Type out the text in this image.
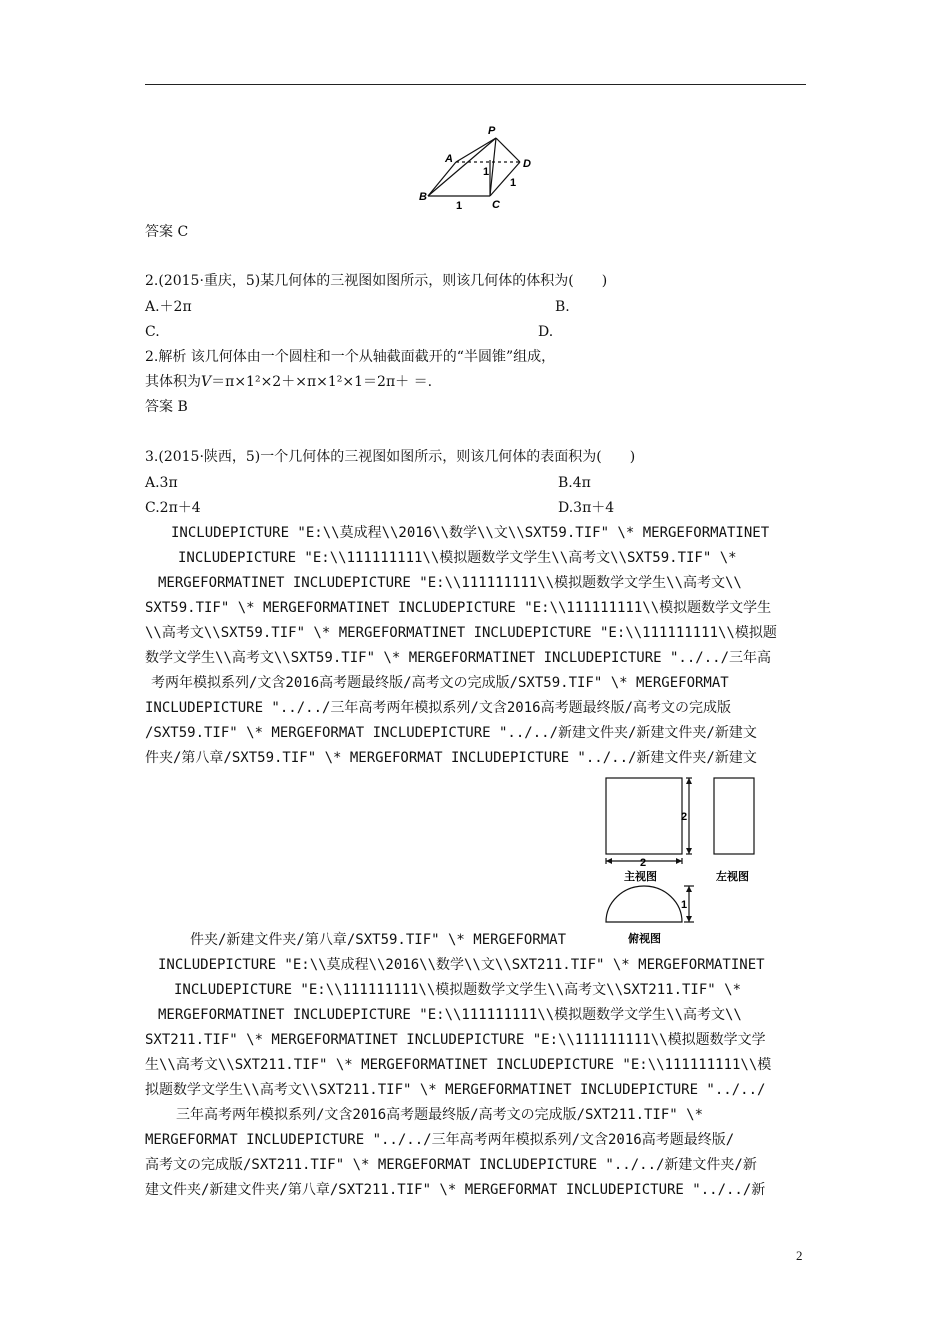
P
A	D
B
C
1
1
1
答案 C
2.(2015·重庆，5)某几何体的三视图如图所示，则该几何体的体积为(　　)
A.＋2π	B.
C.	D.
2.解析 该几何体由一个圆柱和一个从轴截面截开的“半圆锥”组成，
其体积为V＝π×1²×2＋×π×1²×1＝2π＋ ＝.
答案 B
3.(2015·陕西，5)一个几何体的三视图如图所示，则该几何体的表面积为(　　)
A.3π	B.4π
C.2π＋4	D.3π＋4
INCLUDEPICTURE "E:\\莫成程\\2016\\数学\\文\\SXT59.TIF" \* MERGEFORMATINET
INCLUDEPICTURE "E:\\111111111\\模拟题数学文学生\\高考文\\SXT59.TIF" \*
MERGEFORMATINET INCLUDEPICTURE "E:\\111111111\\模拟题数学文学生\\高考文\\
SXT59.TIF" \* MERGEFORMATINET INCLUDEPICTURE "E:\\111111111\\模拟题数学文学生
\\高考文\\SXT59.TIF" \* MERGEFORMATINET INCLUDEPICTURE "E:\\111111111\\模拟题
数学文学生\\高考文\\SXT59.TIF" \* MERGEFORMATINET INCLUDEPICTURE "../../三年高
考两年模拟系列/文含2016高考题最终版/高考文の完成版/SXT59.TIF" \* MERGEFORMAT
INCLUDEPICTURE "../../三年高考两年模拟系列/文含2016高考题最终版/高考文の完成版
/SXT59.TIF" \* MERGEFORMAT INCLUDEPICTURE "../../新建文件夹/新建文件夹/新建文
件夹/第八章/SXT59.TIF" \* MERGEFORMAT INCLUDEPICTURE "../../新建文件夹/新建文
2
2
1
主视图	左视图
俯视图
件夹/新建文件夹/第八章/SXT59.TIF" \* MERGEFORMAT
INCLUDEPICTURE "E:\\莫成程\\2016\\数学\\文\\SXT211.TIF" \* MERGEFORMATINET
INCLUDEPICTURE "E:\\111111111\\模拟题数学文学生\\高考文\\SXT211.TIF" \*
MERGEFORMATINET INCLUDEPICTURE "E:\\111111111\\模拟题数学文学生\\高考文\\
SXT211.TIF" \* MERGEFORMATINET INCLUDEPICTURE "E:\\111111111\\模拟题数学文学
生\\高考文\\SXT211.TIF" \* MERGEFORMATINET INCLUDEPICTURE "E:\\111111111\\模
拟题数学文学生\\高考文\\SXT211.TIF" \* MERGEFORMATINET INCLUDEPICTURE "../../
三年高考两年模拟系列/文含2016高考题最终版/高考文の完成版/SXT211.TIF" \*
MERGEFORMAT INCLUDEPICTURE "../../三年高考两年模拟系列/文含2016高考题最终版/
高考文の完成版/SXT211.TIF" \* MERGEFORMAT INCLUDEPICTURE "../../新建文件夹/新
建文件夹/新建文件夹/第八章/SXT211.TIF" \* MERGEFORMAT INCLUDEPICTURE "../../新
2
